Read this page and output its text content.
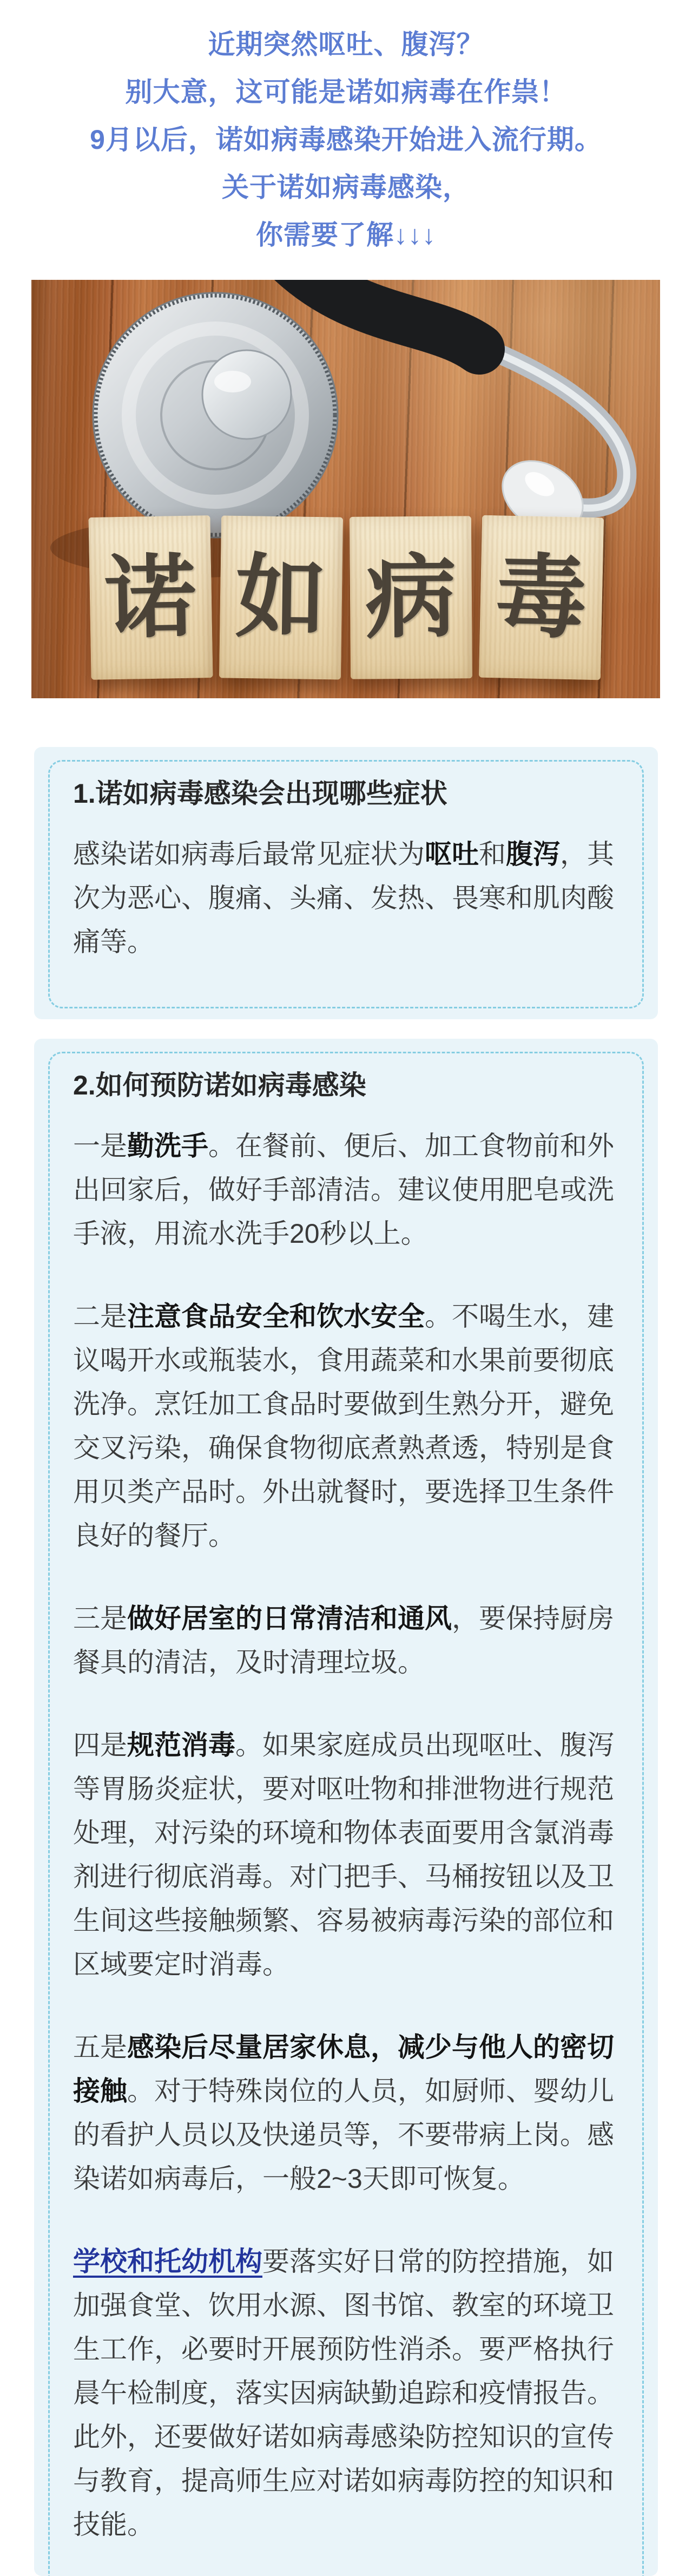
近期突然呕吐、腹泻？
别大意，这可能是诺如病毒在作祟！
9月以后，诺如病毒感染开始进入流行期。
关于诺如病毒感染，
你需要了解↓↓↓
诺 如 病 毒
1.诺如病毒感染会出现哪些症状

感染诺如病毒后最常见症状为呕吐和腹泻，其次为恶心、腹痛、头痛、发热、畏寒和肌肉酸痛等。

2.如何预防诺如病毒感染

一是勤洗手。在餐前、便后、加工食物前和外出回家后，做好手部清洁。建议使用肥皂或洗手液，用流水洗手20秒以上。

二是注意食品安全和饮水安全。不喝生水，建议喝开水或瓶装水，食用蔬菜和水果前要彻底洗净。烹饪加工食品时要做到生熟分开，避免交叉污染，确保食物彻底煮熟煮透，特别是食用贝类产品时。外出就餐时，要选择卫生条件良好的餐厅。

三是做好居室的日常清洁和通风，要保持厨房餐具的清洁，及时清理垃圾。

四是规范消毒。如果家庭成员出现呕吐、腹泻等胃肠炎症状，要对呕吐物和排泄物进行规范处理，对污染的环境和物体表面要用含氯消毒剂进行彻底消毒。对门把手、马桶按钮以及卫生间这些接触频繁、容易被病毒污染的部位和区域要定时消毒。

五是感染后尽量居家休息，减少与他人的密切接触。对于特殊岗位的人员，如厨师、婴幼儿的看护人员以及快递员等，不要带病上岗。感染诺如病毒后，一般2~3天即可恢复。

学校和托幼机构要落实好日常的防控措施，如加强食堂、饮用水源、图书馆、教室的环境卫生工作，必要时开展预防性消杀。要严格执行晨午检制度，落实因病缺勤追踪和疫情报告。此外，还要做好诺如病毒感染防控知识的宣传与教育，提高师生应对诺如病毒防控的知识和技能。
